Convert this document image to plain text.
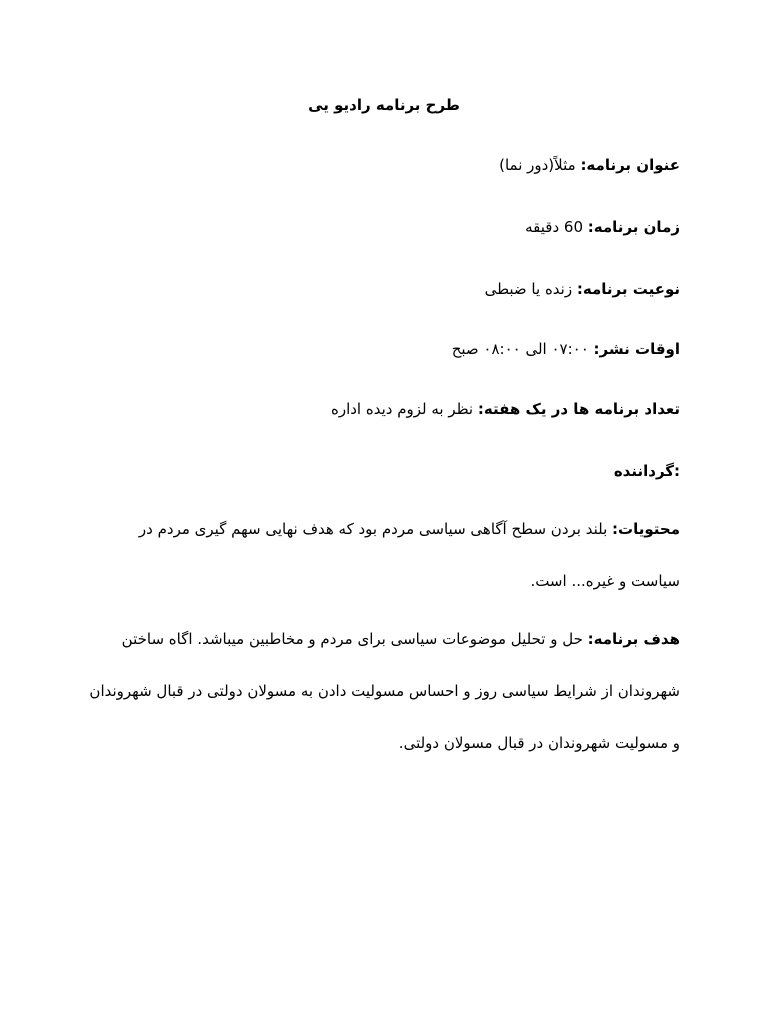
طرح برنامه رادیو یی
عنوان برنامه: مثلاً(دور نما)
زمان برنامه: 60 دقیقه
نوعیت برنامه: زنده یا ضبطی
اوقات نشر: ۰۷:۰۰ الی ۰۸:۰۰ صبح
تعداد برنامه ها در یک هفته: نظر به لزوم دیده اداره
:گرداننده
محتویات: بلند بردن سطح آگاهی سیاسی مردم بود که هدف نهایی سهم گیری مردم در سیاست و غیره... است.
هدف برنامه: حل و تحلیل موضوعات سیاسی برای مردم و مخاطبین میباشد. اگاه ساختن شهروندان از شرایط سیاسی روز و احساس مسولیت دادن به مسولان دولتی در قبال شهروندان و مسولیت شهروندان در قبال مسولان دولتی.
